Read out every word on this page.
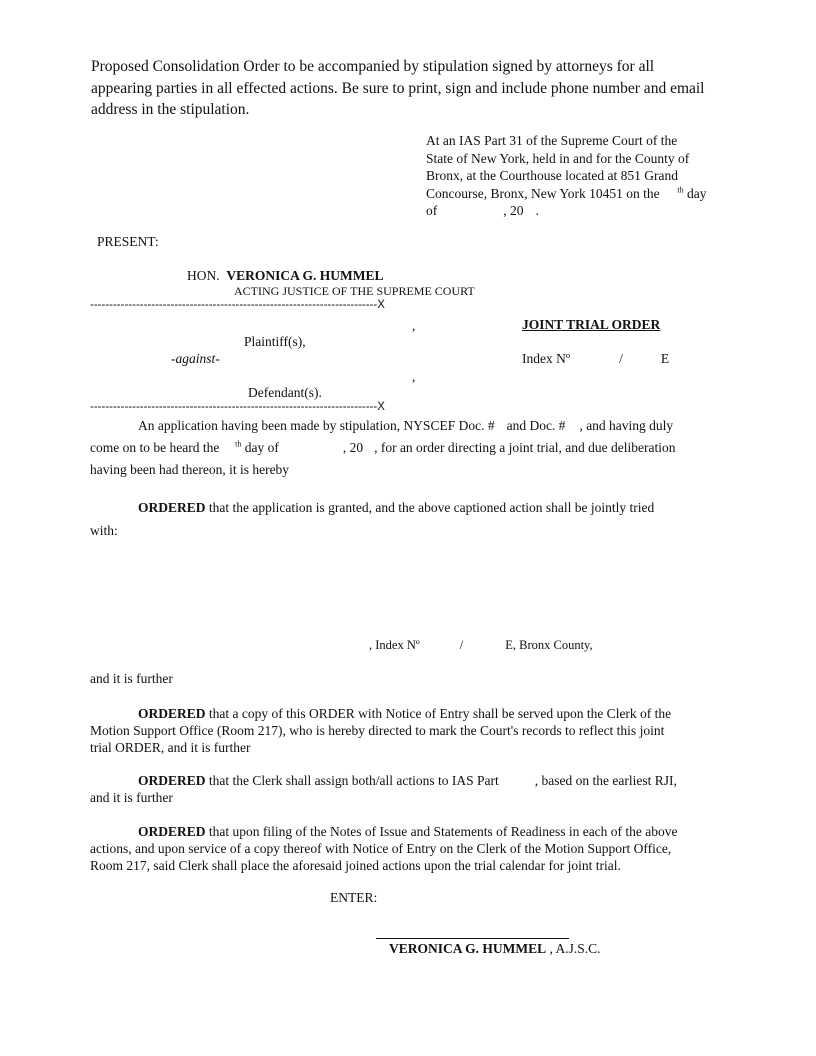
Proposed Consolidation Order to be accompanied by stipulation signed by attorneys for all
appearing parties in all effected actions. Be sure to print, sign and include phone number and email
address in the stipulation.
At an IAS Part 31 of the Supreme Court of the
State of New York, held in and for the County of
Bronx, at the Courthouse located at 851 Grand
Concourse, Bronx, New York 10451 on the $^{th}$ day
of	, 20 .
PRESENT:
HON. VERONICA G. HUMMEL
ACTING JUSTICE OF THE SUPREME COURT
---------------------------------------------------------------------------X
,	JOINT TRIAL ORDER
Plaintiff(s),
-against-	Index Nº	/	E
,
Defendant(s).
---------------------------------------------------------------------------X
An application having been made by stipulation, NYSCEF Doc. # and Doc. # , and having duly
come on to be heard the $^{th}$ day of	, 20 , for an order directing a joint trial, and due deliberation
having been had thereon, it is hereby
ORDERED that the application is granted, and the above captioned action shall be jointly tried
with:
, Index Nº	/	E, Bronx County,
and it is further
ORDERED that a copy of this ORDER with Notice of Entry shall be served upon the Clerk of the
Motion Support Office (Room 217), who is hereby directed to mark the Court's records to reflect this joint
trial ORDER, and it is further
ORDERED that the Clerk shall assign both/all actions to IAS Part	, based on the earliest RJI,
and it is further
ORDERED that upon filing of the Notes of Issue and Statements of Readiness in each of the above
actions, and upon service of a copy thereof with Notice of Entry on the Clerk of the Motion Support Office,
Room 217, said Clerk shall place the aforesaid joined actions upon the trial calendar for joint trial.
ENTER:
VERONICA G. HUMMEL , A.J.S.C.
